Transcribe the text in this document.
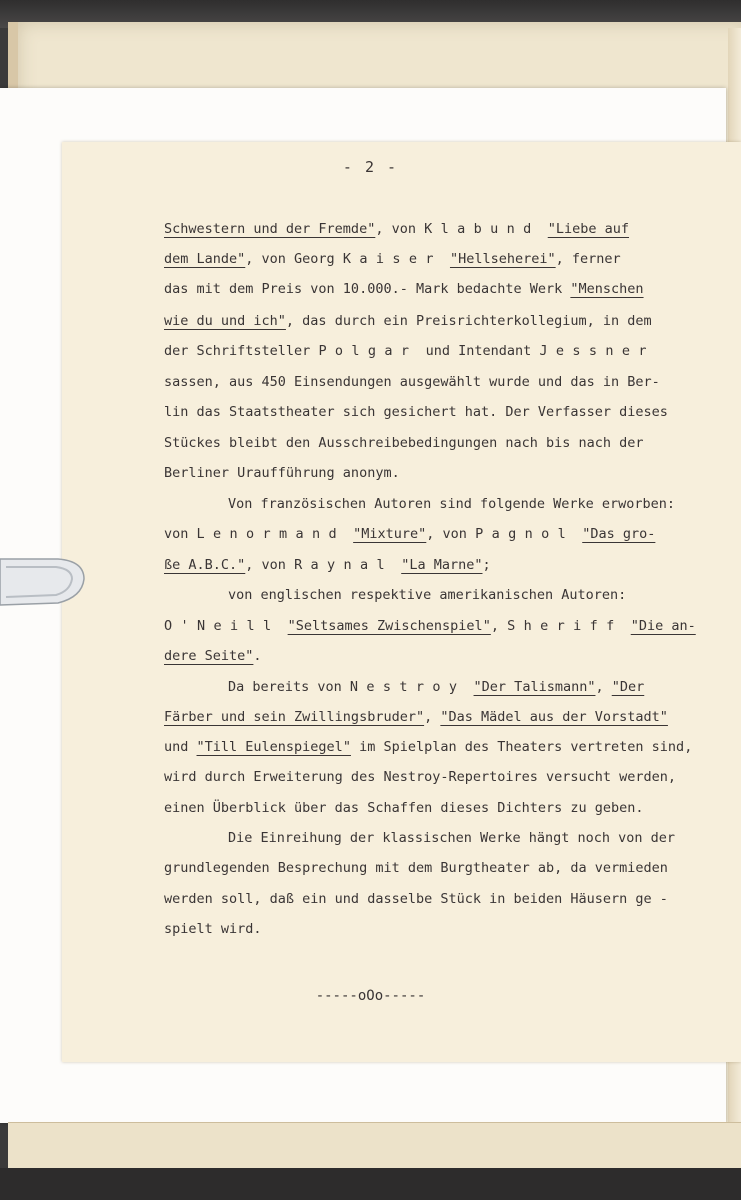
- 2 -
Schwestern und der Fremde", von Klabund "Liebe auf
dem Lande", von Georg Kaiser "Hellseherei", ferner
das mit dem Preis von 10.000.- Mark bedachte Werk "Menschen
wie du und ich", das durch ein Preisrichterkollegium, in dem
der Schriftsteller Polgar und Intendant Jessner
sassen, aus 450 Einsendungen ausgewählt wurde und das in Ber-
lin das Staatstheater sich gesichert hat. Der Verfasser dieses
Stückes bleibt den Ausschreibebedingungen nach bis nach der
Berliner Uraufführung anonym.
Von französischen Autoren sind folgende Werke erworben:
von Lenormand "Mixture", von Pagnol "Das gro-
ße A.B.C.", von Raynal "La Marne";
von englischen respektive amerikanischen Autoren:
O'Neill "Seltsames Zwischenspiel", Sheriff "Die an-
dere Seite".
Da bereits von Nestroy "Der Talismann", "Der
Färber und sein Zwillingsbruder", "Das Mädel aus der Vorstadt"
und "Till Eulenspiegel" im Spielplan des Theaters vertreten sind,
wird durch Erweiterung des Nestroy-Repertoires versucht werden,
einen Überblick über das Schaffen dieses Dichters zu geben.
Die Einreihung der klassischen Werke hängt noch von der
grundlegenden Besprechung mit dem Burgtheater ab, da vermieden
werden soll, daß ein und dasselbe Stück in beiden Häusern ge -
spielt wird.
-----oOo-----
